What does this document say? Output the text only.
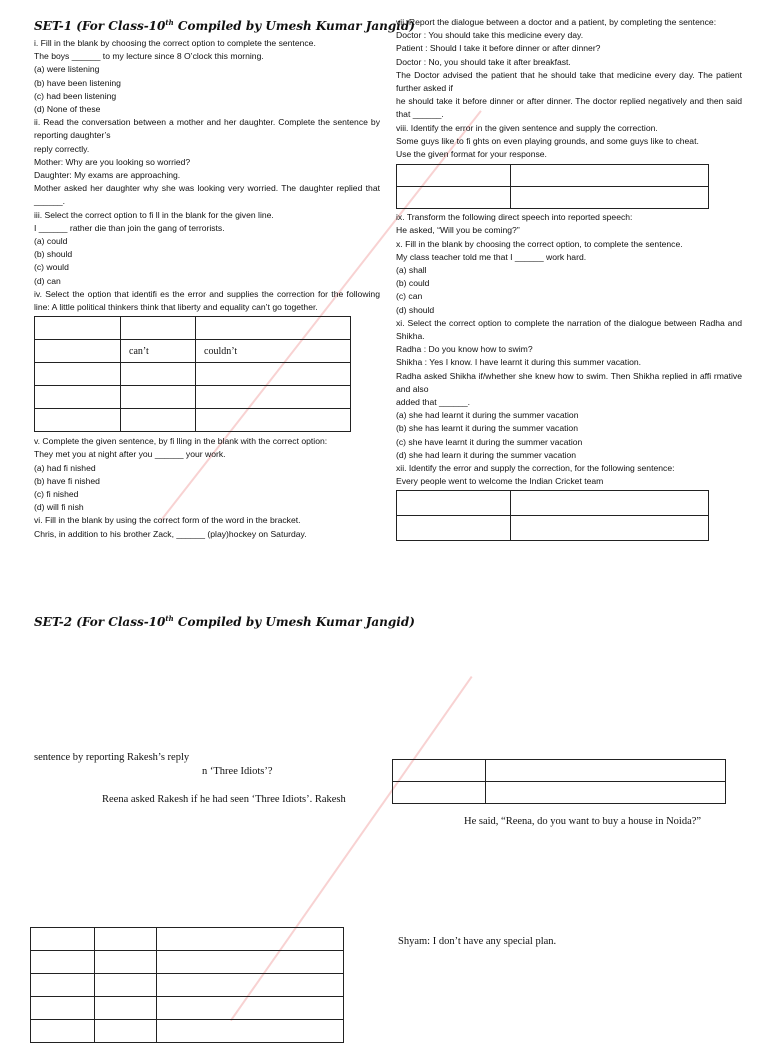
SET-1 (For Class-10th Compiled by Umesh Kumar Jangid)

i. Fill in the blank by choosing the correct option to complete the sentence.

The boys ______ to my lecture since 8 O’clock this morning.

(a) were listening

(b) have been listening

(c) had been listening

(d) None of these

ii. Read the conversation between a mother and her daughter. Complete the sentence by reporting daughter’s

reply correctly.

Mother: Why are you looking so worried?

Daughter: My exams are approaching.

Mother asked her daughter why she was looking very worried. The daughter replied that ______.

iii. Select the correct option to fi ll in the blank for the given line.

I ______ rather die than join the gang of terrorists.

(a) could

(b) should

(c) would

(d) can

iv. Select the option that identifi es the error and supplies the correction for the following line: A little political thinkers think that liberty and equality can’t go together.

	can’t	couldn’t

v. Complete the given sentence, by fi lling in the blank with the correct option:

They met you at night after you ______ your work.

(a) had fi nished

(b) have fi nished

(c) fi nished

(d) will fi nish

vi. Fill in the blank by using the correct form of the word in the bracket.

Chris, in addition to his brother Zack, ______ (play)hockey on Saturday.

vii. Report the dialogue between a doctor and a patient, by completing the sentence:

Doctor : You should take this medicine every day.

Patient : Should I take it before dinner or after dinner?

Doctor : No, you should take it after breakfast.

The Doctor advised the patient that he should take that medicine every day. The patient further asked if

he should take it before dinner or after dinner. The doctor replied negatively and then said that ______.

viii. Identify the error in the given sentence and supply the correction.

Some guys like to fi ghts on even playing grounds, and some guys like to cheat.

Use the given format for your response.

ix. Transform the following direct speech into reported speech:

He asked, “Will you be coming?”

x. Fill in the blank by choosing the correct option, to complete the sentence.

My class teacher told me that I ______ work hard.

(a) shall

(b) could

(c) can

(d) should

xi. Select the correct option to complete the narration of the dialogue between Radha and Shikha.

Radha : Do you know how to swim?

Shikha : Yes I know. I have learnt it during this summer vacation.

Radha asked Shikha if/whether she knew how to swim. Then Shikha replied in affi rmative and also

added that ______.

(a) she had learnt it during the summer vacation

(b) she has learnt it during the summer vacation

(c) she have learnt it during the summer vacation

(d) she had learn it during the summer vacation

xii. Identify the error and supply the correction, for the following sentence:

Every people went to welcome the Indian Cricket team

SET-2 (For Class-10th Compiled by Umesh Kumar Jangid)
sentence by reporting Rakesh’s reply
n ‘Three Idiots’?
Reena asked Rakesh if he had seen ‘Three Idiots’. Rakesh
He said, “Reena, do you want to buy a house in Noida?”
Shyam: I don’t have any special plan.
